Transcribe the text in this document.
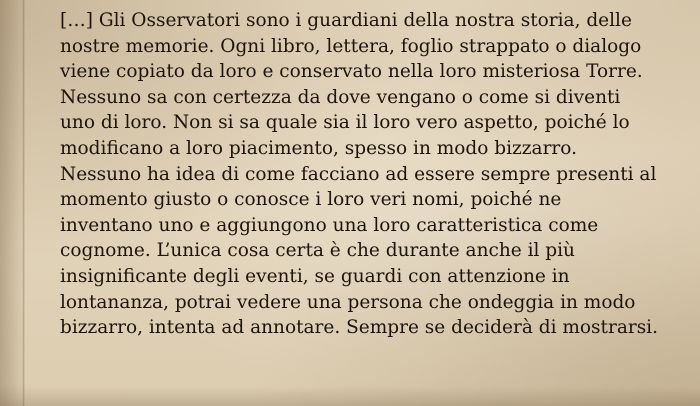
[…] Gli Osservatori sono i guardiani della nostra storia, delle
nostre memorie. Ogni libro, lettera, foglio strappato o dialogo
viene copiato da loro e conservato nella loro misteriosa Torre.
Nessuno sa con certezza da dove vengano o come si diventi
uno di loro. Non si sa quale sia il loro vero aspetto, poiché lo
modificano a loro piacimento, spesso in modo bizzarro.
Nessuno ha idea di come facciano ad essere sempre presenti al
momento giusto o conosce i loro veri nomi, poiché ne
inventano uno e aggiungono una loro caratteristica come
cognome. L’unica cosa certa è che durante anche il più
insignificante degli eventi, se guardi con attenzione in
lontananza, potrai vedere una persona che ondeggia in modo
bizzarro, intenta ad annotare. Sempre se deciderà di mostrarsi.
